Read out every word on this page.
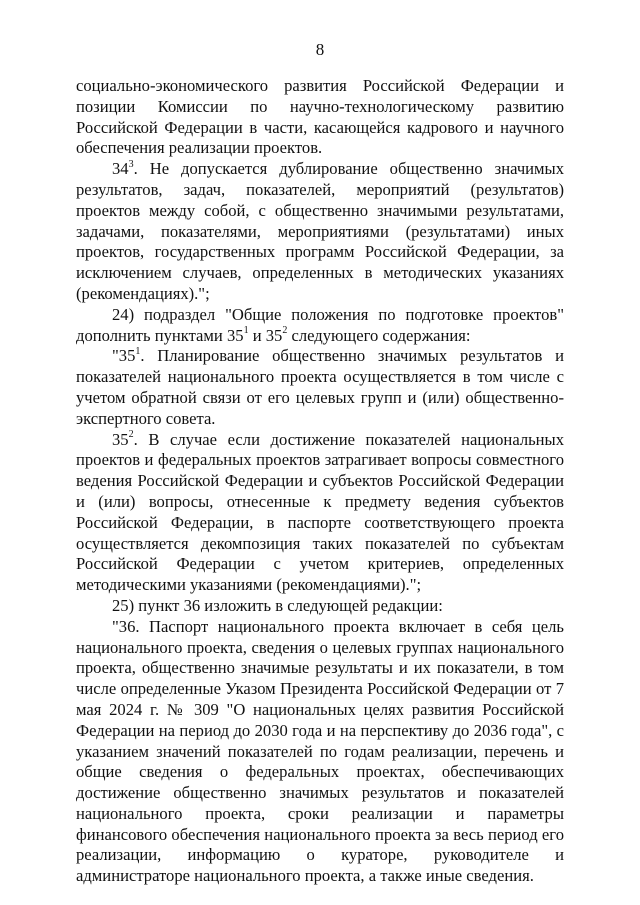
8

социально-экономического развития Российской Федерации и позиции Комиссии по научно-технологическому развитию Российской Федерации в части, касающейся кадрового и научного обеспечения реализации проектов.

$34^3$. Не допускается дублирование общественно значимых результатов, задач, показателей, мероприятий (результатов) проектов между собой, с общественно значимыми результатами, задачами, показателями, мероприятиями (результатами) иных проектов, государственных программ Российской Федерации, за исключением случаев, определенных в методических указаниях (рекомендациях).";

24) подраздел "Общие положения по подготовке проектов" дополнить пунктами $35^1$ и $35^2$ следующего содержания:

"$35^1$. Планирование общественно значимых результатов и показателей национального проекта осуществляется в том числе с учетом обратной связи от его целевых групп и (или) общественно-экспертного совета.

$35^2$. В случае если достижение показателей национальных проектов и федеральных проектов затрагивает вопросы совместного ведения Российской Федерации и субъектов Российской Федерации и (или) вопросы, отнесенные к предмету ведения субъектов Российской Федерации, в паспорте соответствующего проекта осуществляется декомпозиция таких показателей по субъектам Российской Федерации с учетом критериев, определенных методическими указаниями (рекомендациями).";

25) пункт 36 изложить в следующей редакции:

"36. Паспорт национального проекта включает в себя цель национального проекта, сведения о целевых группах национального проекта, общественно значимые результаты и их показатели, в том числе определенные Указом Президента Российской Федерации от 7 мая 2024 г. № 309 "О национальных целях развития Российской Федерации на период до 2030 года и на перспективу до 2036 года", с указанием значений показателей по годам реализации, перечень и общие сведения о федеральных проектах, обеспечивающих достижение общественно значимых результатов и показателей национального проекта, сроки реализации и параметры финансового обеспечения национального проекта за весь период его реализации, информацию о кураторе, руководителе и администраторе национального проекта, а также иные сведения.
